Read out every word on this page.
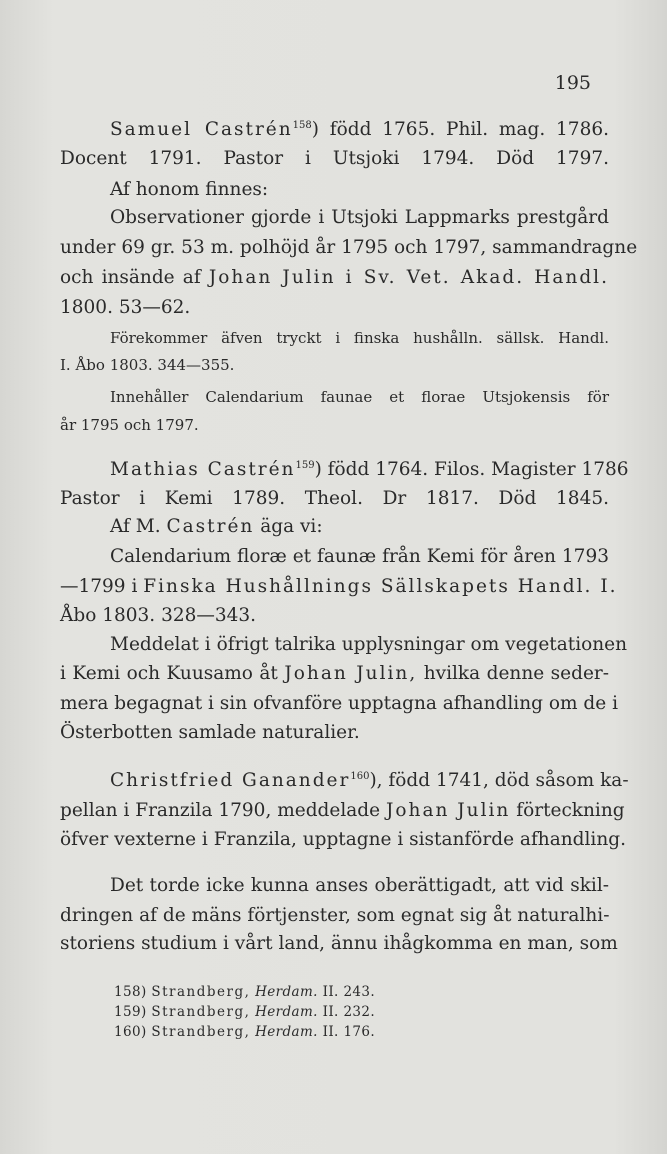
195

Samuel Castrén$^{158}$) född 1765. Phil. mag. 1786.

Docent 1791. Pastor i Utsjoki 1794. Död 1797.

Af honom finnes:

Observationer gjorde i Utsjoki Lappmarks prestgård

under 69 gr. 53 m. polhöjd år 1795 och 1797, sammandragne

och insände af Johan Julin i Sv. Vet. Akad. Handl.

1800. 53—62.

Förekommer äfven tryckt i finska hushålln. sällsk. Handl.

I. Åbo 1803. 344—355.

Innehåller Calendarium faunae et florae Utsjokensis för

år 1795 och 1797.

Mathias Castrén$^{159}$) född 1764. Filos. Magister 1786

Pastor i Kemi 1789. Theol. Dr 1817. Död 1845.

Af M. Castrén äga vi:

Calendarium floræ et faunæ från Kemi för åren 1793

—1799 i Finska Hushållnings Sällskapets Handl. I.

Åbo 1803. 328—343.

Meddelat i öfrigt talrika upplysningar om vegetationen

i Kemi och Kuusamo åt Johan Julin, hvilka denne seder-

mera begagnat i sin ofvanföre upptagna afhandling om de i

Österbotten samlade naturalier.

Christfried Ganander$^{160}$), född 1741, död såsom ka-

pellan i Franzila 1790, meddelade Johan Julin förteckning

öfver vexterne i Franzila, upptagne i sistanförde afhandling.

Det torde icke kunna anses oberättigadt, att vid skil-

dringen af de mäns förtjenster, som egnat sig åt naturalhi-

storiens studium i vårt land, ännu ihågkomma en man, som

158) Strandberg, Herdam. II. 243.

159) Strandberg, Herdam. II. 232.

160) Strandberg, Herdam. II. 176.
